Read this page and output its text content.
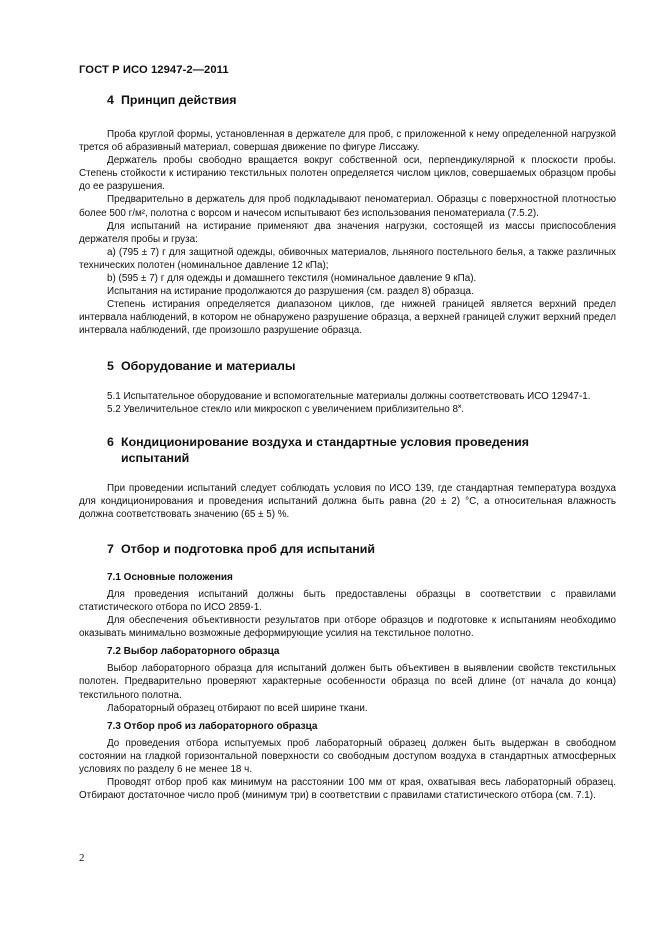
ГОСТ Р ИСО 12947-2—2011
4 Принцип действия

Проба круглой формы, установленная в держателе для проб, с приложенной к нему определенной нагрузкой трется об абразивный материал, совершая движение по фигуре Лиссажу.

Держатель пробы свободно вращается вокруг собственной оси, перпендикулярной к плоскости пробы. Степень стойкости к истиранию текстильных полотен определяется числом циклов, совершаемых образцом пробы до ее разрушения.

Предварительно в держатель для проб подкладывают пеноматериал. Образцы с поверхностной плотностью более 500 г/м², полотна с ворсом и начесом испытывают без использования пеноматериала (7.5.2).

Для испытаний на истирание применяют два значения нагрузки, состоящей из массы приспособления держателя пробы и груза:

а) (795 ± 7) г для защитной одежды, обивочных материалов, льняного постельного белья, а также различных технических полотен (номинальное давление 12 кПа);

b) (595 ± 7) г для одежды и домашнего текстиля (номинальное давление 9 кПа).

Испытания на истирание продолжаются до разрушения (см. раздел 8) образца.

Степень истирания определяется диапазоном циклов, где нижней границей является верхний предел интервала наблюдений, в котором не обнаружено разрушение образца, а верхней границей служит верхний предел интервала наблюдений, где произошло разрушение образца.

5 Оборудование и материалы

5.1 Испытательное оборудование и вспомогательные материалы должны соответствовать ИСО 12947-1.

5.2 Увеличительное стекло или микроскоп с увеличением приблизительно 8˟.

6 Кондиционирование воздуха и стандартные условия проведения испытаний

При проведении испытаний следует соблюдать условия по ИСО 139, где стандартная температура воздуха для кондиционирования и проведения испытаний должна быть равна (20 ± 2) °С, а относительная влажность должна соответствовать значению (65 ± 5) %.

7 Отбор и подготовка проб для испытаний
7.1 Основные положения

Для проведения испытаний должны быть предоставлены образцы в соответствии с правилами статистического отбора по ИСО 2859-1.

Для обеспечения объективности результатов при отборе образцов и подготовке к испытаниям необходимо оказывать минимально возможные деформирующие усилия на текстильное полотно.

7.2 Выбор лабораторного образца

Выбор лабораторного образца для испытаний должен быть объективен в выявлении свойств текстильных полотен. Предварительно проверяют характерные особенности образца по всей длине (от начала до конца) текстильного полотна.

Лабораторный образец отбирают по всей ширине ткани.

7.3 Отбор проб из лабораторного образца

До проведения отбора испытуемых проб лабораторный образец должен быть выдержан в свободном состоянии на гладкой горизонтальной поверхности со свободным доступом воздуха в стандартных атмосферных условиях по разделу 6 не менее 18 ч.

Проводят отбор проб как минимум на расстоянии 100 мм от края, охватывая весь лабораторный образец. Отбирают достаточное число проб (минимум три) в соответствии с правилами статистического отбора (см. 7.1).

2
